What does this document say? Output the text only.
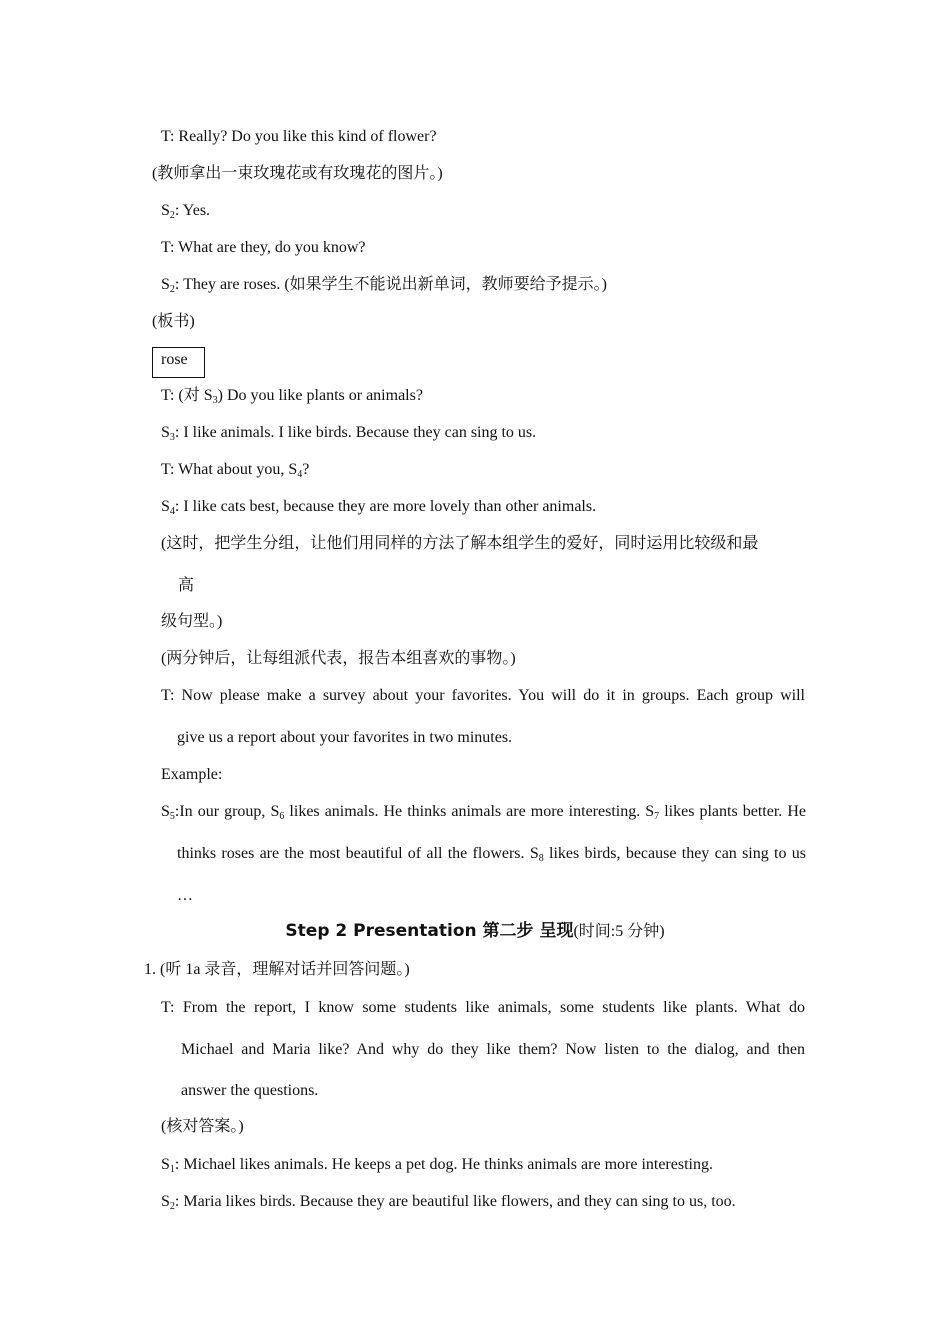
T: Really? Do you like this kind of flower?
(教师拿出一束玫瑰花或有玫瑰花的图片。)
$S_2$: Yes.
T: What are they, do you know?
$S_2$: They are roses. (如果学生不能说出新单词，教师要给予提示。)
(板书)
rose
T: (对 $S_3$) Do you like plants or animals?
$S_3$: I like animals. I like birds. Because they can sing to us.
T: What about you, $S_4$?
$S_4$: I like cats best, because they are more lovely than other animals.
(这时，把学生分组，让他们用同样的方法了解本组学生的爱好，同时运用比较级和最
高
级句型。)
(两分钟后，让每组派代表，报告本组喜欢的事物。)
T: Now please make a survey about your favorites. You will do it in groups. Each group will
give us a report about your favorites in two minutes.
Example:
$S_5:In$ our group, $S_6$ likes animals. He thinks animals are more interesting. $S_7$ likes plants better. He
thinks roses are the most beautiful of all the flowers. $S_8$ likes birds, because they can sing to us
…
Step 2 Presentation 第二步 呈现(时间:5 分钟)
1. (听 1a 录音，理解对话并回答问题。)
T: From the report, I know some students like animals, some students like plants. What do
Michael and Maria like? And why do they like them? Now listen to the dialog, and then
answer the questions.
(核对答案。)
$S_1$: Michael likes animals. He keeps a pet dog. He thinks animals are more interesting.
$S_2$: Maria likes birds. Because they are beautiful like flowers, and they can sing to us, too.
